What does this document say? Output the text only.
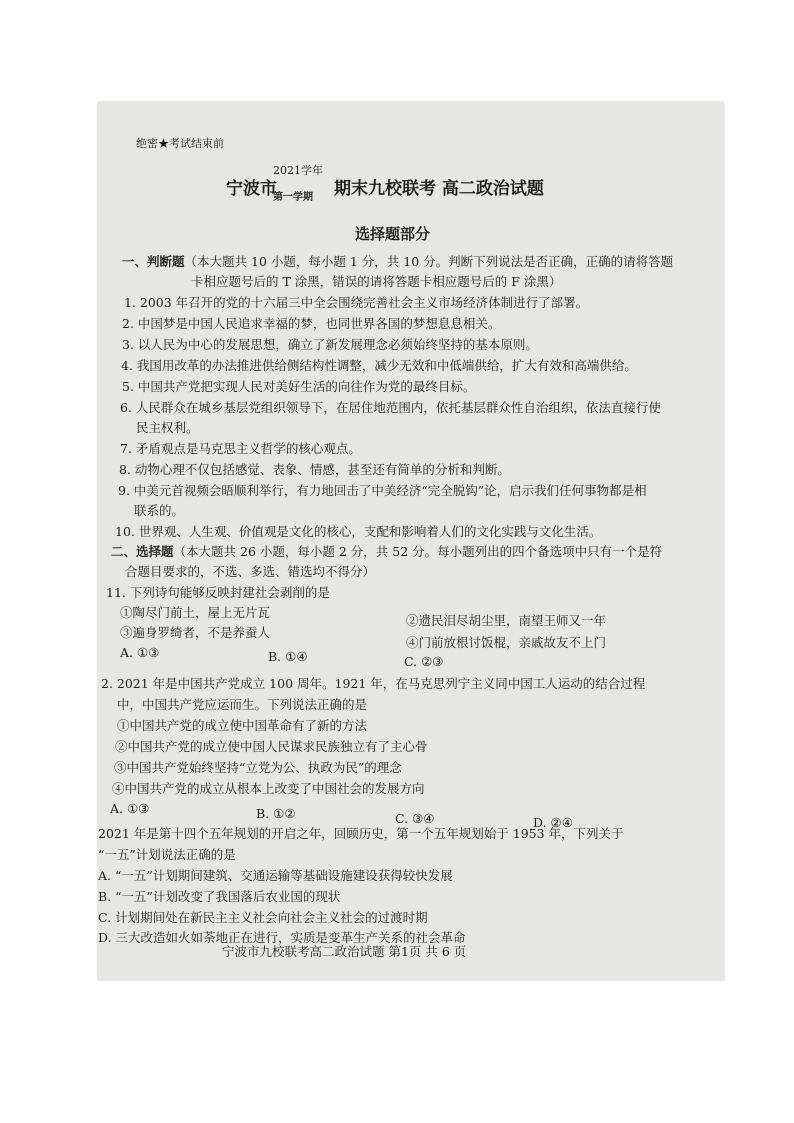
绝密★考试结束前
宁波市
2021学年
第一学期 期末九校联考 高二政治试题
选择题部分
一、判断题（本大题共 10 小题，每小题 1 分，共 10 分。判断下列说法是否正确，正确的请将答题
卡相应题号后的 T 涂黑，错误的请将答题卡相应题号后的 F 涂黑）
1. 2003 年召开的党的十六届三中全会围绕完善社会主义市场经济体制进行了部署。
2. 中国梦是中国人民追求幸福的梦，也同世界各国的梦想息息相关。
3. 以人民为中心的发展思想，确立了新发展理念必须始终坚持的基本原则。
4. 我国用改革的办法推进供给侧结构性调整，减少无效和中低端供给，扩大有效和高端供给。
5. 中国共产党把实现人民对美好生活的向往作为党的最终目标。
6. 人民群众在城乡基层党组织领导下，在居住地范围内，依托基层群众性自治组织，依法直接行使
民主权利。
7. 矛盾观点是马克思主义哲学的核心观点。
8. 动物心理不仅包括感觉、表象、情感，甚至还有简单的分析和判断。
9. 中美元首视频会晤顺利举行，有力地回击了中美经济“完全脱钩”论，启示我们任何事物都是相
联系的。
10. 世界观、人生观、价值观是文化的核心，支配和影响着人们的文化实践与文化生活。
二、选择题（本大题共 26 小题，每小题 2 分，共 52 分。每小题列出的四个备选项中只有一个是符
合题目要求的，不选、多选、错选均不得分）
11. 下列诗句能够反映封建社会剥削的是
①陶尽门前土，屋上无片瓦
②遗民泪尽胡尘里，南望王师又一年
③遍身罗绮者，不是养蚕人
④门前放根讨饭棍，亲戚故友不上门
A. ①③	B. ①④	C. ②③
2. 2021 年是中国共产党成立 100 周年。1921 年，在马克思列宁主义同中国工人运动的结合过程
中，中国共产党应运而生。下列说法正确的是
①中国共产党的成立使中国革命有了新的方法
②中国共产党的成立使中国人民谋求民族独立有了主心骨
③中国共产党始终坚持“立党为公、执政为民”的理念
④中国共产党的成立从根本上改变了中国社会的发展方向
A. ①③	B. ①②	C. ③④	D. ②④
2021 年是第十四个五年规划的开启之年，回顾历史，第一个五年规划始于 1953 年，下列关于
“一五”计划说法正确的是
A. “一五”计划期间建筑、交通运输等基础设施建设获得较快发展
B. “一五”计划改变了我国落后农业国的现状
C. 计划期间处在新民主主义社会向社会主义社会的过渡时期
D. 三大改造如火如荼地正在进行，实质是变革生产关系的社会革命
宁波市九校联考高二政治试题 第1页 共 6 页
